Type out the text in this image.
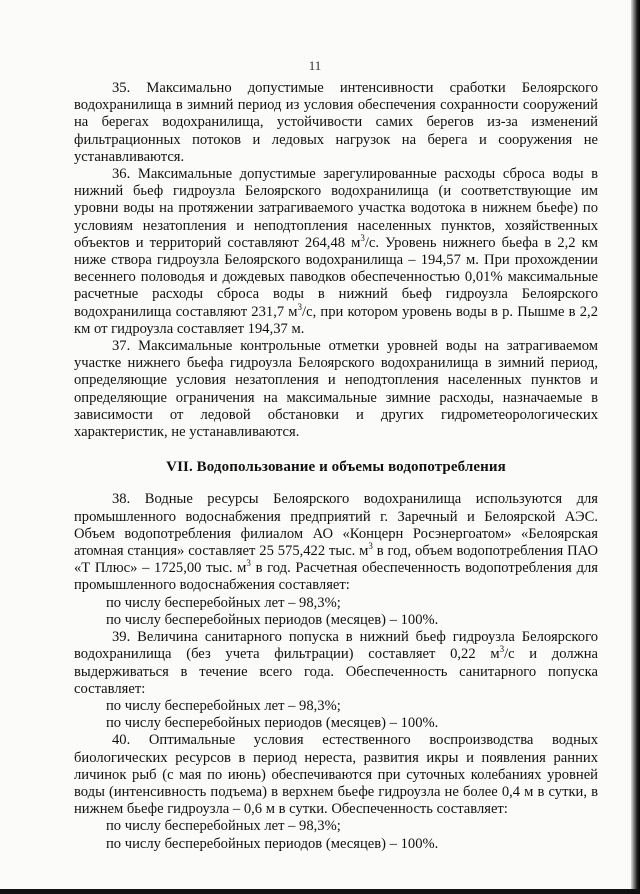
11

35. Максимально допустимые интенсивности сработки Белоярского водохранилища в зимний период из условия обеспечения сохранности сооружений на берегах водохранилища, устойчивости самих берегов из-за изменений фильтрационных потоков и ледовых нагрузок на берега и сооружения не устанавливаются.

36. Максимальные допустимые зарегулированные расходы сброса воды в нижний бьеф гидроузла Белоярского водохранилища (и соответствующие им уровни воды на протяжении затрагиваемого участка водотока в нижнем бьефе) по условиям незатопления и неподтопления населенных пунктов, хозяйственных объектов и территорий составляют 264,48 $м^3/с$. Уровень нижнего бьефа в 2,2 км ниже створа гидроузла Белоярского водохранилища – 194,57 м. При прохождении весеннего половодья и дождевых паводков обеспеченностью 0,01% максимальные расчетные расходы сброса воды в нижний бьеф гидроузла Белоярского водохранилища составляют 231,7 $м^3/с$, при котором уровень воды в р. Пышме в 2,2 км от гидроузла составляет 194,37 м.

37. Максимальные контрольные отметки уровней воды на затрагиваемом участке нижнего бьефа гидроузла Белоярского водохранилища в зимний период, определяющие условия незатопления и неподтопления населенных пунктов и определяющие ограничения на максимальные зимние расходы, назначаемые в зависимости от ледовой обстановки и других гидрометеорологических характеристик, не устанавливаются.

VII. Водопользование и объемы водопотребления

38. Водные ресурсы Белоярского водохранилища используются для промышленного водоснабжения предприятий г. Заречный и Белоярской АЭС. Объем водопотребления филиалом АО «Концерн Росэнергоатом» «Белоярская атомная станция» составляет 25 575,422 тыс. $м^3$ в год, объем водопотребления ПАО «Т Плюс» – 1725,00 тыс. $м^3$ в год. Расчетная обеспеченность водопотребления для промышленного водоснабжения составляет:

по числу бесперебойных лет – 98,3%;

по числу бесперебойных периодов (месяцев) – 100%.

39. Величина санитарного попуска в нижний бьеф гидроузла Белоярского водохранилища (без учета фильтрации) составляет 0,22 $м^3/с$ и должна выдерживаться в течение всего года. Обеспеченность санитарного попуска составляет:

по числу бесперебойных лет – 98,3%;

по числу бесперебойных периодов (месяцев) – 100%.

40. Оптимальные условия естественного воспроизводства водных биологических ресурсов в период нереста, развития икры и появления ранних личинок рыб (с мая по июнь) обеспечиваются при суточных колебаниях уровней воды (интенсивность подъема) в верхнем бьефе гидроузла не более 0,4 м в сутки, в нижнем бьефе гидроузла – 0,6 м в сутки. Обеспеченность составляет:

по числу бесперебойных лет – 98,3%;

по числу бесперебойных периодов (месяцев) – 100%.
